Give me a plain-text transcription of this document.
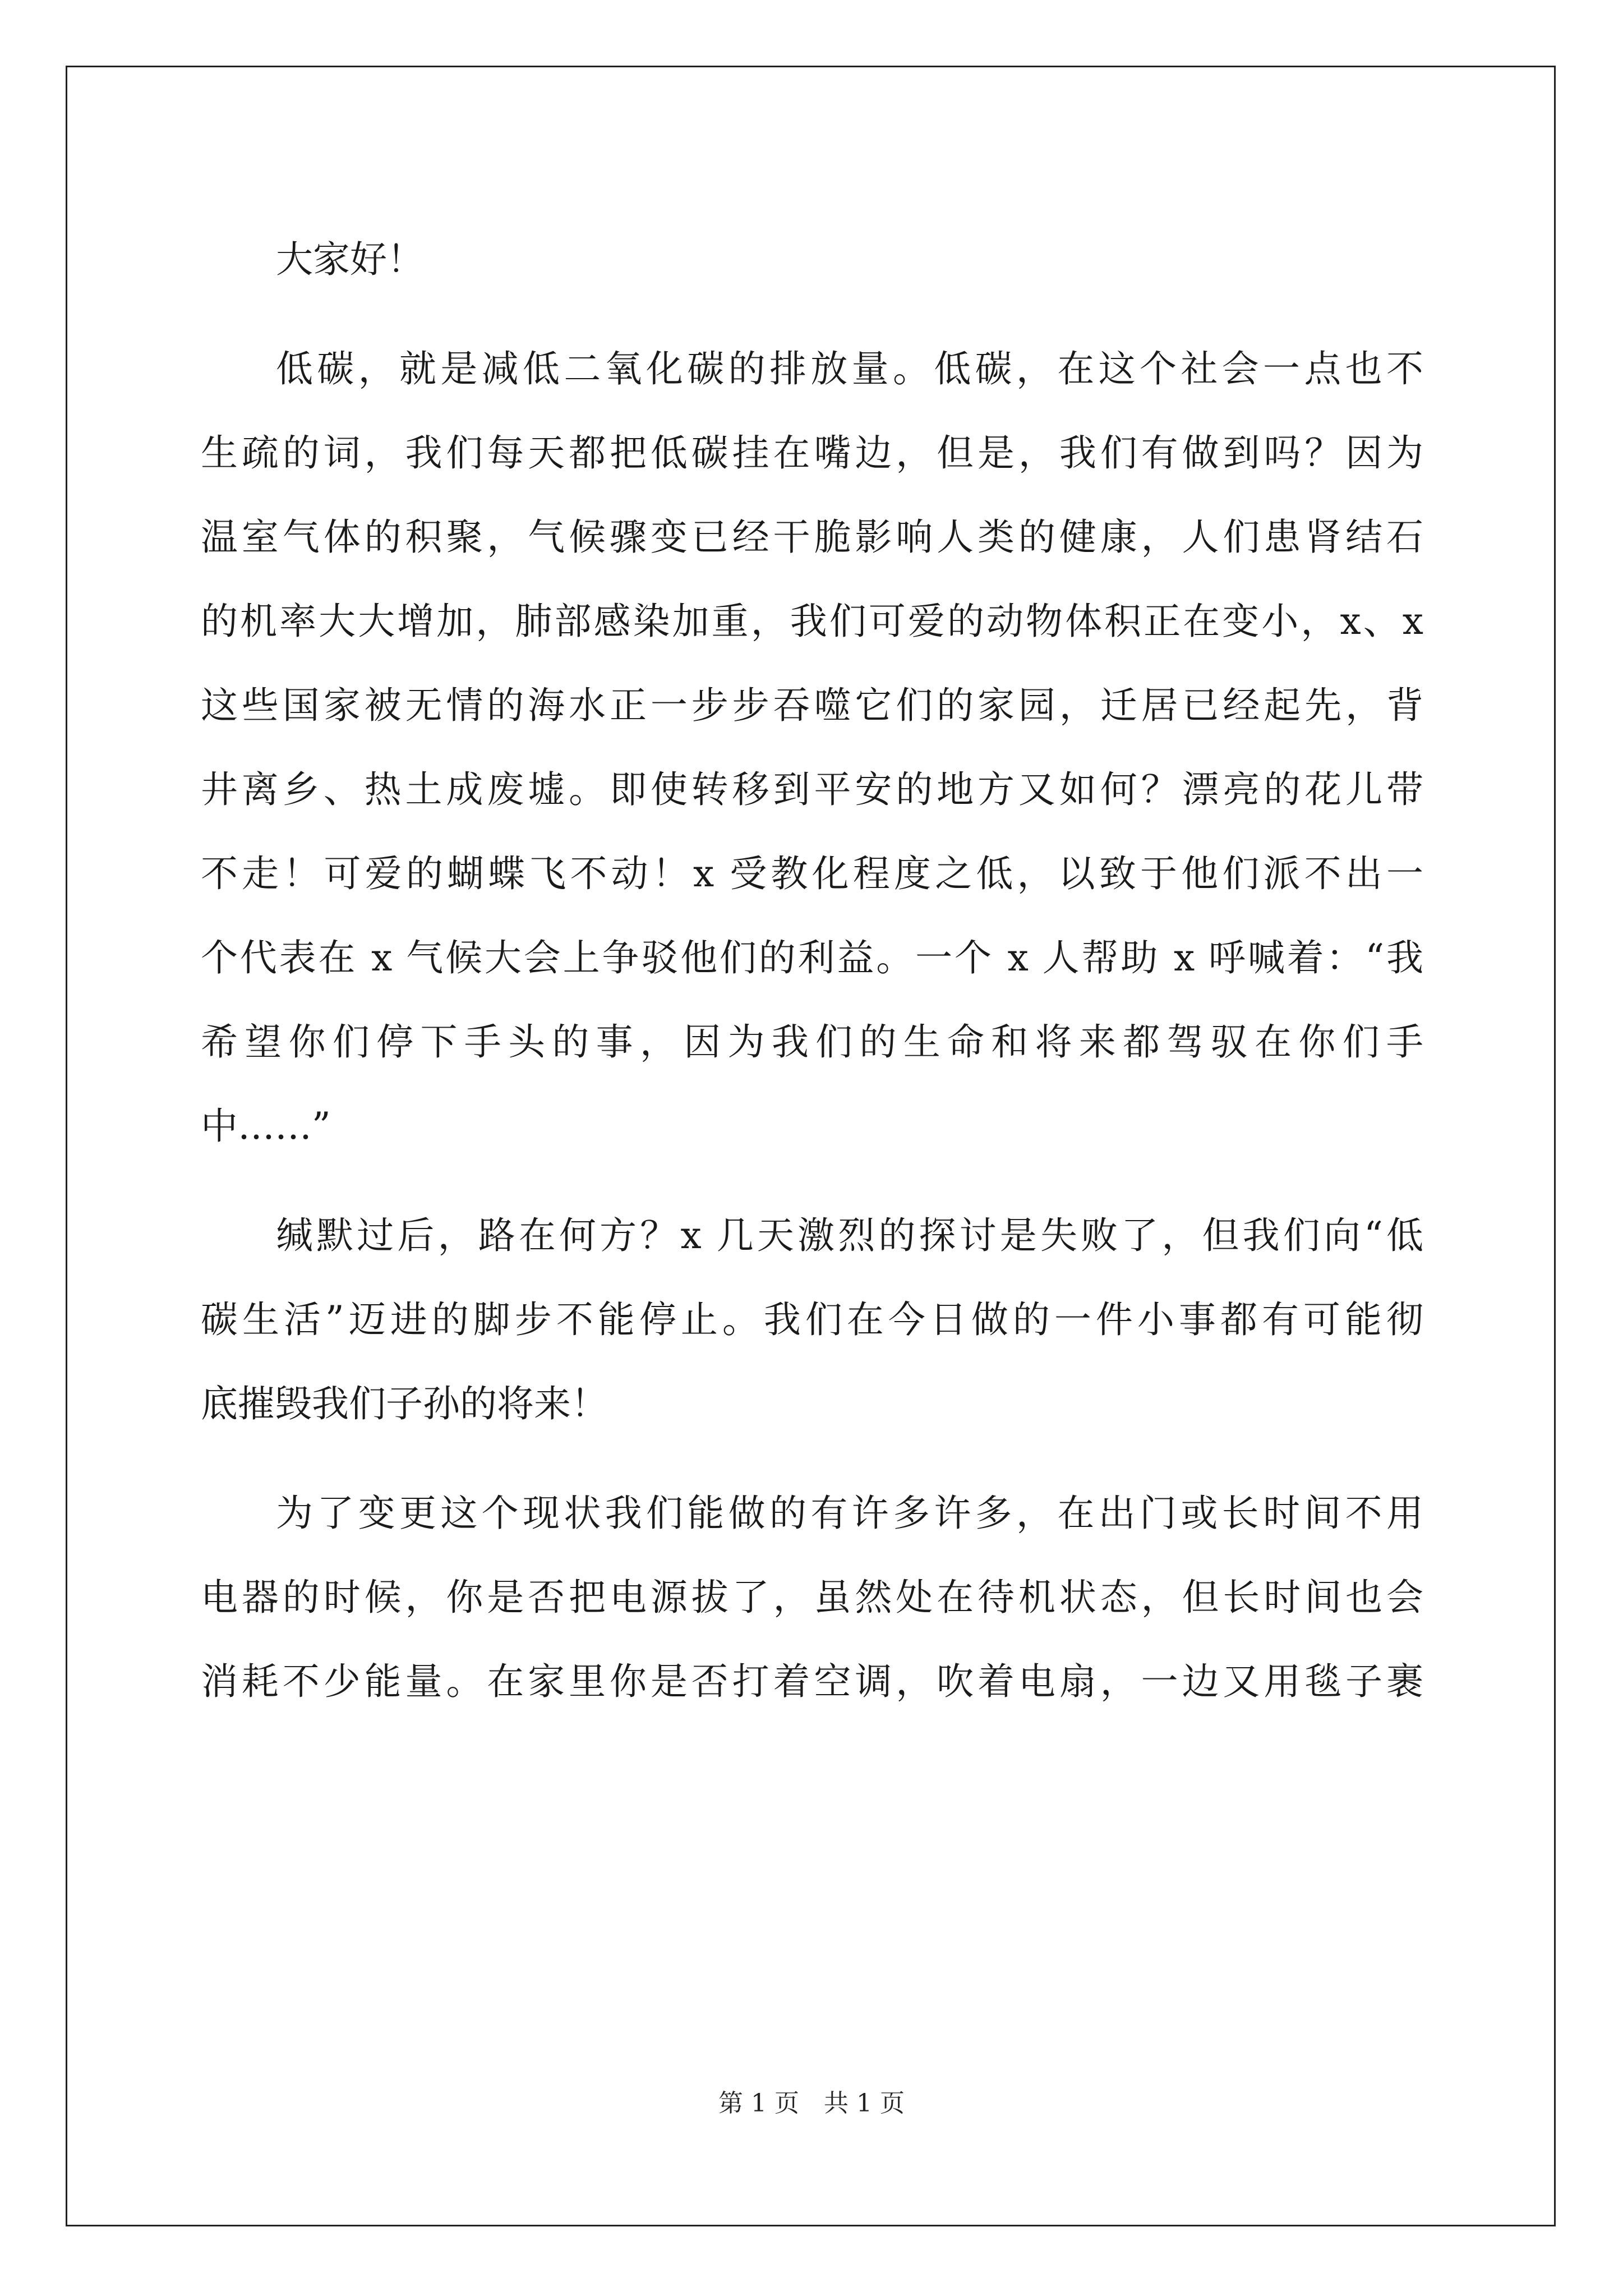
大家好！
低碳，就是减低二氧化碳的排放量。低碳，在这个社会一点也不
生疏的词，我们每天都把低碳挂在嘴边，但是，我们有做到吗？因为
温室气体的积聚，气候骤变已经干脆影响人类的健康，人们患肾结石
的机率大大增加，肺部感染加重，我们可爱的动物体积正在变小，x、x
这些国家被无情的海水正一步步吞噬它们的家园，迁居已经起先，背
井离乡、热土成废墟。即使转移到平安的地方又如何？漂亮的花儿带
不走！可爱的蝴蝶飞不动！x 受教化程度之低，以致于他们派不出一
个代表在 x 气候大会上争驳他们的利益。一个 x 人帮助 x 呼喊着：“我
希望你们停下手头的事，因为我们的生命和将来都驾驭在你们手
中……”
缄默过后，路在何方？x 几天激烈的探讨是失败了，但我们向“低
碳生活”迈进的脚步不能停止。我们在今日做的一件小事都有可能彻
底摧毁我们子孙的将来！
为了变更这个现状我们能做的有许多许多，在出门或长时间不用
电器的时候，你是否把电源拔了，虽然处在待机状态，但长时间也会
消耗不少能量。在家里你是否打着空调，吹着电扇，一边又用毯子裹
第 1 页　共 1 页
